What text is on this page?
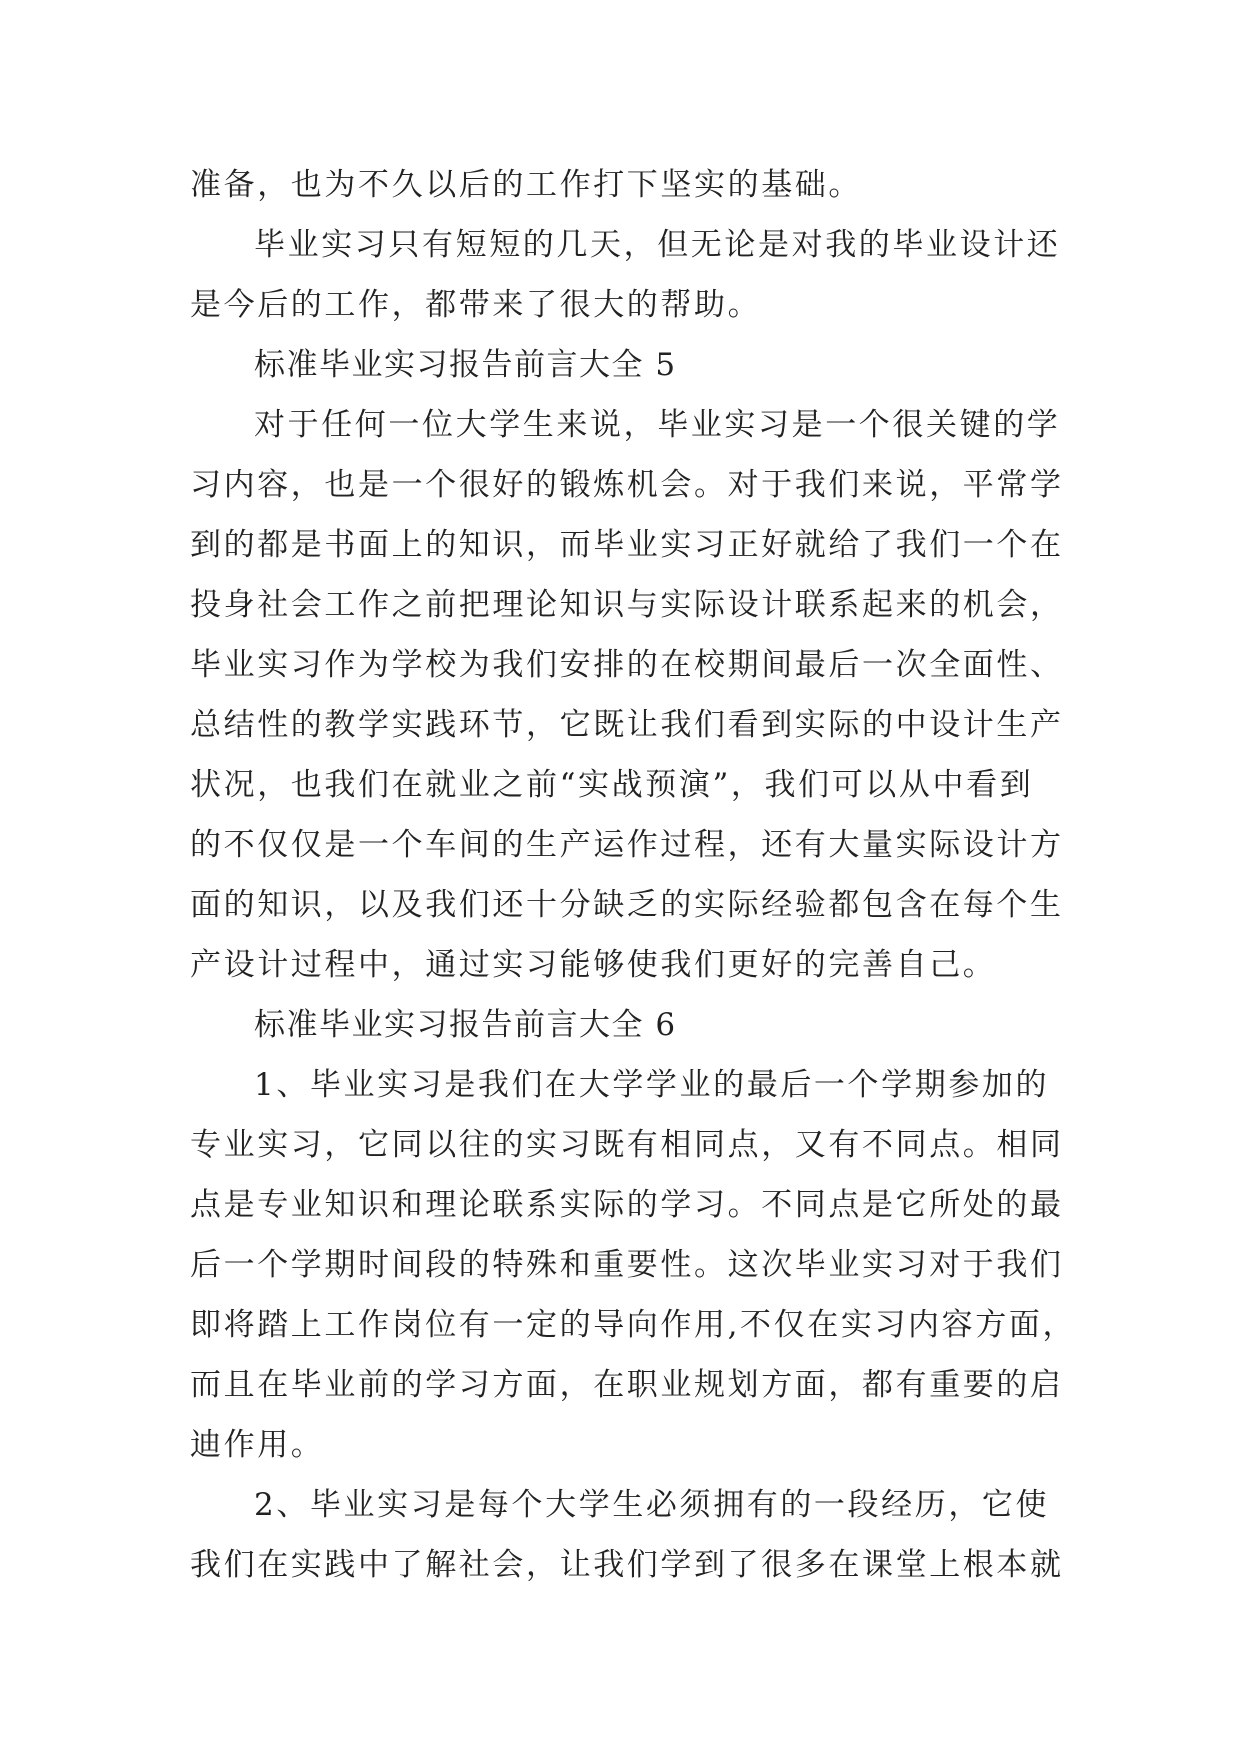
准备，也为不久以后的工作打下坚实的基础。
毕业实习只有短短的几天，但无论是对我的毕业设计还
是今后的工作，都带来了很大的帮助。
标准毕业实习报告前言大全 5
对于任何一位大学生来说，毕业实习是一个很关键的学
习内容，也是一个很好的锻炼机会。对于我们来说，平常学
到的都是书面上的知识，而毕业实习正好就给了我们一个在
投身社会工作之前把理论知识与实际设计联系起来的机会，
毕业实习作为学校为我们安排的在校期间最后一次全面性、
总结性的教学实践环节，它既让我们看到实际的中设计生产
状况，也我们在就业之前“实战预演”，我们可以从中看到
的不仅仅是一个车间的生产运作过程，还有大量实际设计方
面的知识，以及我们还十分缺乏的实际经验都包含在每个生
产设计过程中，通过实习能够使我们更好的完善自己。
标准毕业实习报告前言大全 6
1、毕业实习是我们在大学学业的最后一个学期参加的
专业实习，它同以往的实习既有相同点，又有不同点。相同
点是专业知识和理论联系实际的学习。不同点是它所处的最
后一个学期时间段的特殊和重要性。这次毕业实习对于我们
即将踏上工作岗位有一定的导向作用,不仅在实习内容方面，
而且在毕业前的学习方面，在职业规划方面，都有重要的启
迪作用。
2、毕业实习是每个大学生必须拥有的一段经历，它使
我们在实践中了解社会，让我们学到了很多在课堂上根本就
